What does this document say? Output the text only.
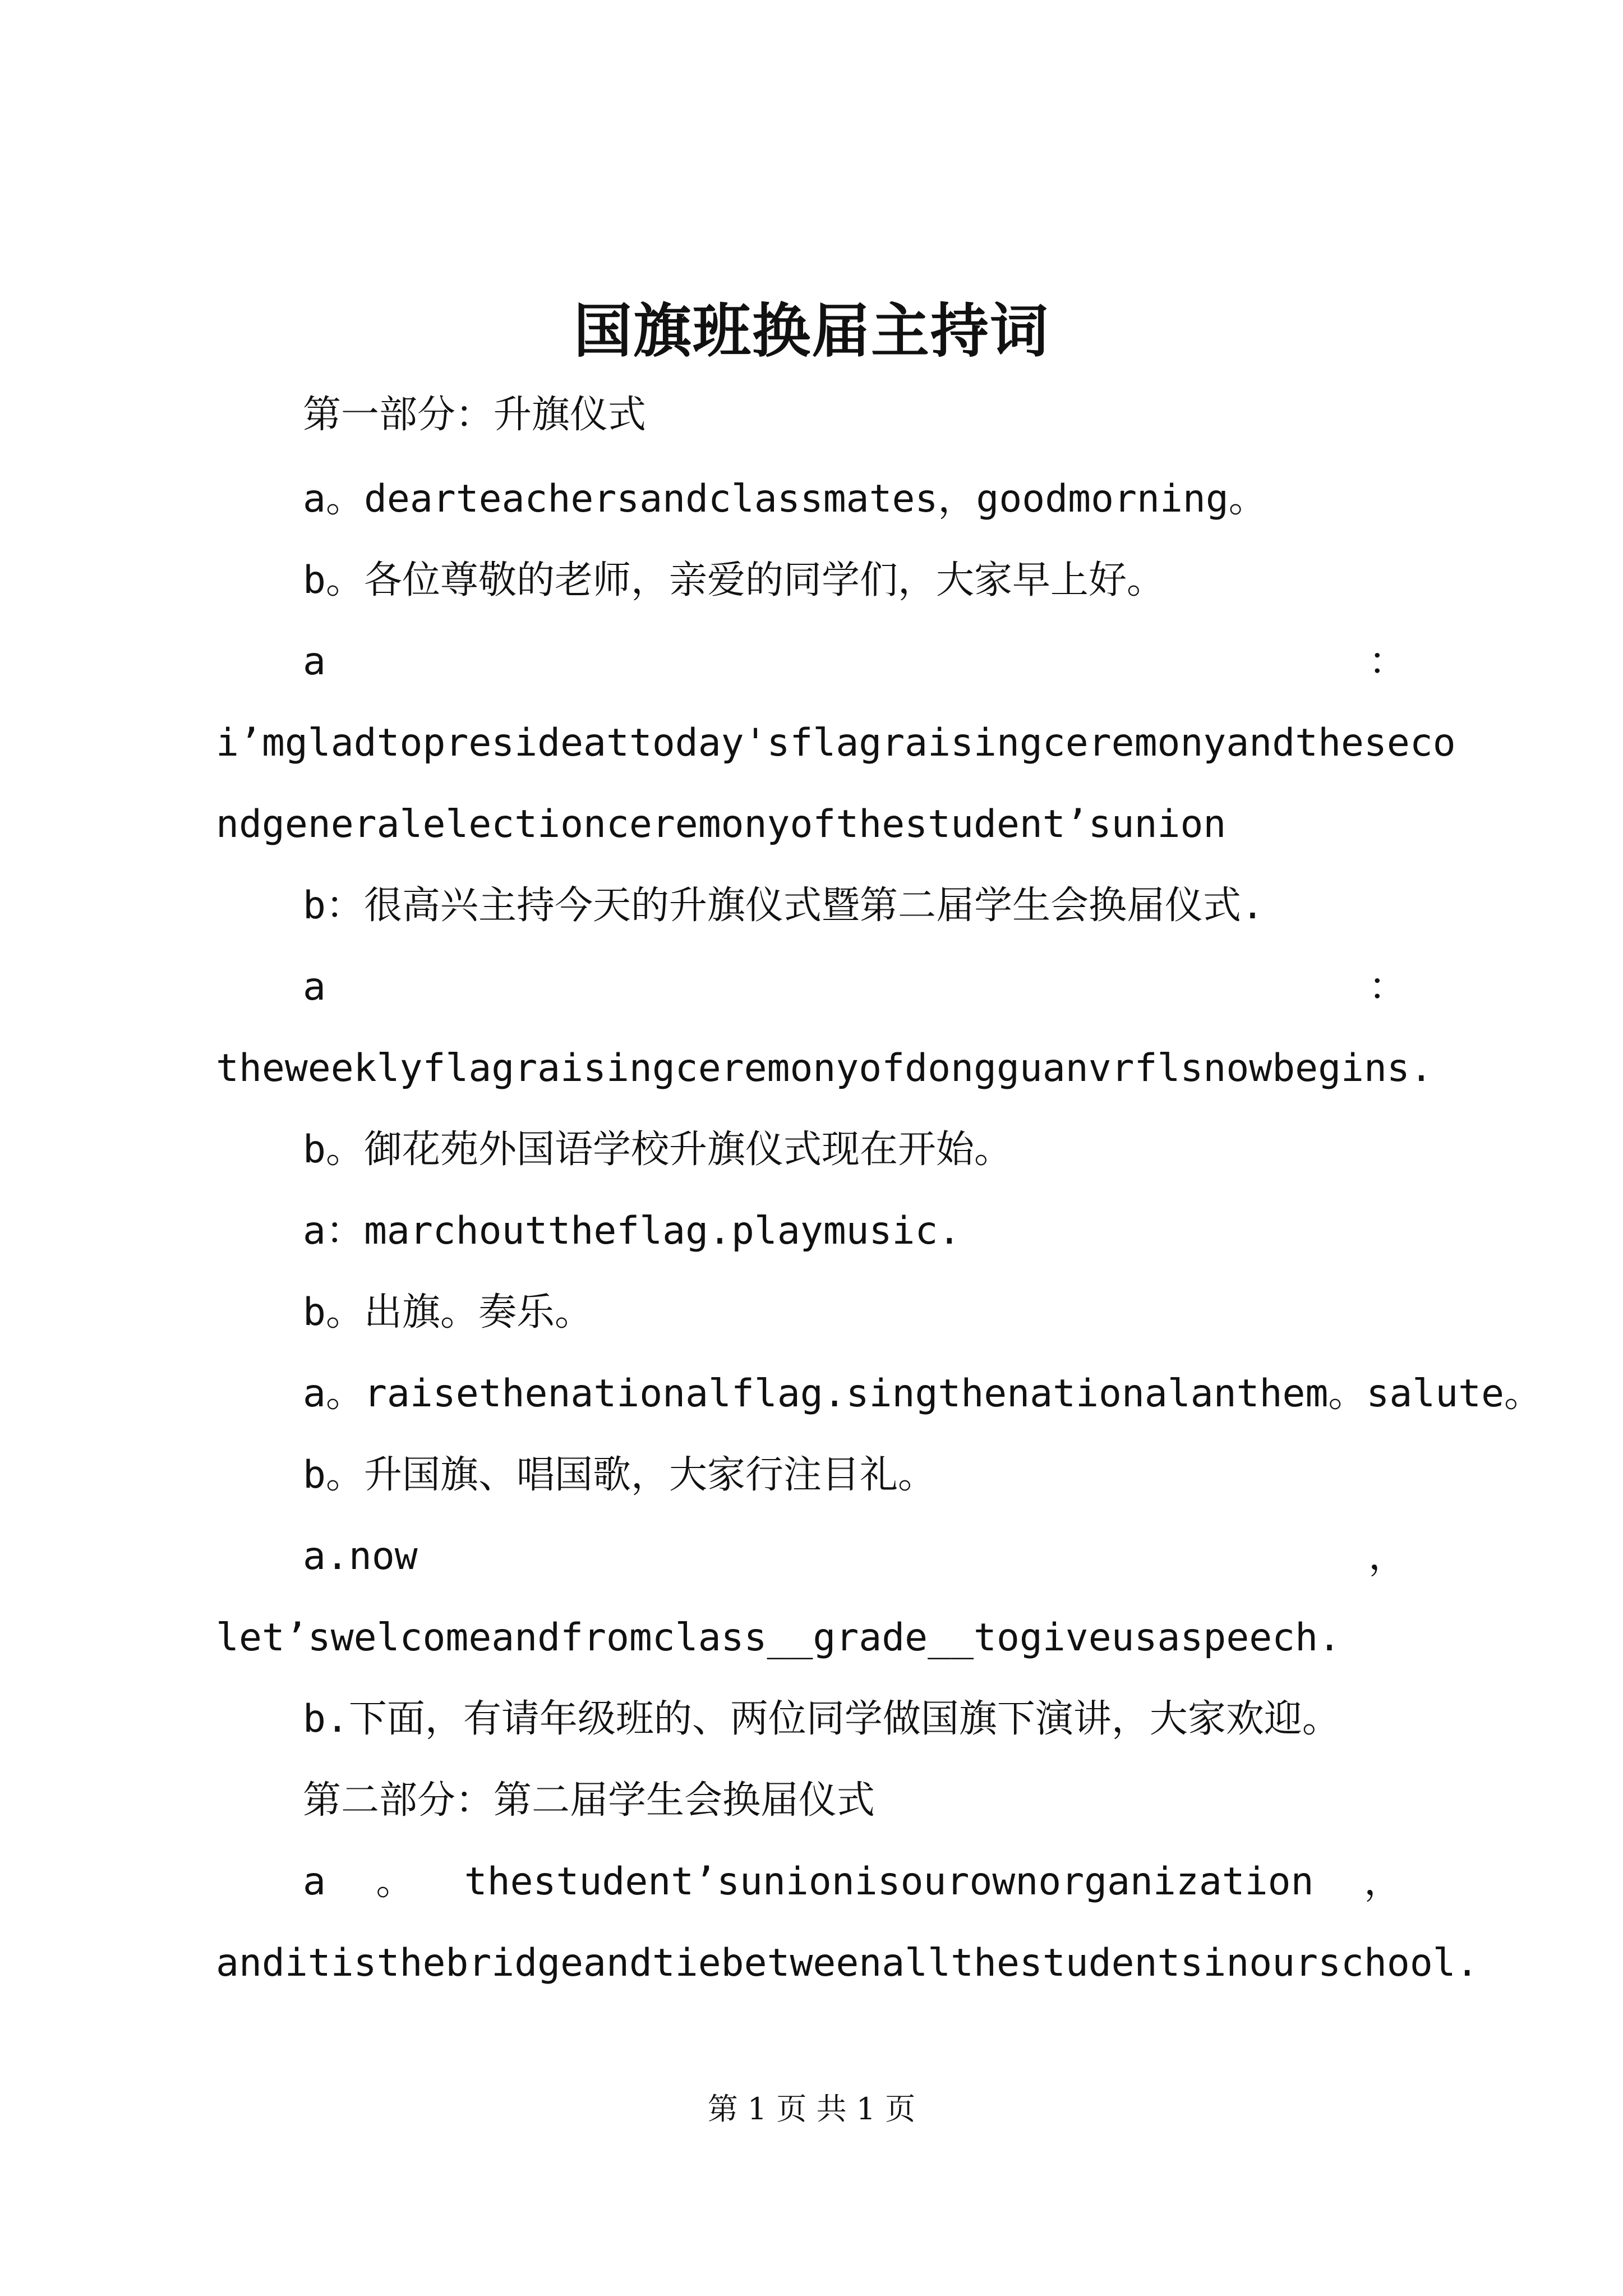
国旗班换届主持词
第一部分：升旗仪式
a。dearteachersandclassmates，goodmorning。
b。各位尊敬的老师，亲爱的同学们，大家早上好。
a	：
i’mgladtopresideattoday'sflagraisingceremonyandtheseco
ndgeneralelectionceremonyofthestudent’sunion
b：很高兴主持今天的升旗仪式暨第二届学生会换届仪式.
a	：
theweeklyflagraisingceremonyofdongguanvrflsnowbegins.
b。御花苑外国语学校升旗仪式现在开始。
a：marchouttheflag.playmusic.
b。出旗。奏乐。
a。raisethenationalflag.singthenationalanthem。salute。
b。升国旗、唱国歌，大家行注目礼。
a.now	，
let’swelcomeandfromclass__grade__togiveusaspeech.
b.下面，有请年级班的、两位同学做国旗下演讲，大家欢迎。
第二部分：第二届学生会换届仪式
a 。 thestudent’sunionisourownorganization ，
anditisthebridgeandtiebetweenallthestudentsinourschool.
第 1 页 共 1 页
